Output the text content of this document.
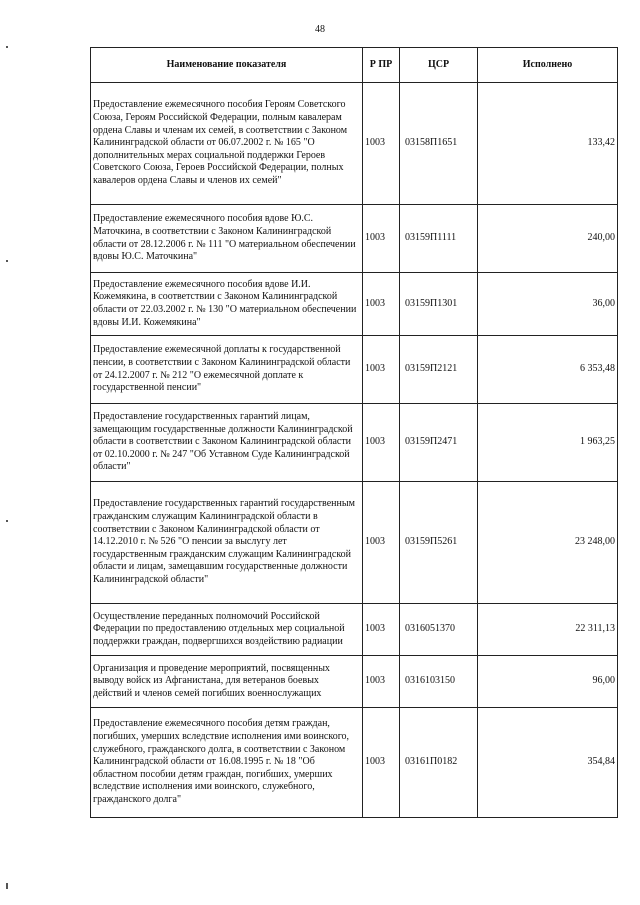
48
Наименование показателя	Р ПР	ЦСР	Исполнено
Предоставление ежемесячного пособия Героям Советского Союза, Героям Российской Федерации, полным кавалерам ордена Славы и членам их семей, в соответствии с Законом Калининградской области от 06.07.2002 г. № 165 "О дополнительных мерах социальной поддержки Героев Советского Союза, Героев Российской Федерации, полных кавалеров ордена Славы и членов их семей"	1003	03158П1651	133,42
Предоставление ежемесячного пособия вдове Ю.С. Маточкина, в соответствии с Законом Калининградской области от 28.12.2006 г. № 111 "О материальном обеспечении вдовы Ю.С. Маточкина"	1003	03159П1111	240,00
Предоставление ежемесячного пособия вдове И.И. Кожемякина, в соответствии с Законом Калининградской области от 22.03.2002 г. № 130 "О материальном обеспечении вдовы И.И. Кожемякина"	1003	03159П1301	36,00
Предоставление ежемесячной доплаты к государственной пенсии, в соответствии с Законом Калининградской области от 24.12.2007 г. № 212 "О ежемесячной доплате к государственной пенсии"	1003	03159П2121	6 353,48
Предоставление государственных гарантий лицам, замещающим государственные должности Калининградской области в соответствии с Законом Калининградской области от 02.10.2000 г. № 247 "Об Уставном Суде Калининградской области"	1003	03159П2471	1 963,25
Предоставление государственных гарантий государственным гражданским служащим Калининградской области в соответствии с Законом Калининградской области от 14.12.2010 г. № 526 "О пенсии за выслугу лет государственным гражданским служащим Калининградской области и лицам, замещавшим государственные должности Калининградской области"	1003	03159П5261	23 248,00
Осуществление переданных полномочий Российской Федерации по предоставлению отдельных мер социальной поддержки граждан, подвергшихся воздействию радиации	1003	0316051370	22 311,13
Организация и проведение мероприятий, посвященных выводу войск из Афганистана, для ветеранов боевых действий и членов семей погибших военнослужащих	1003	0316103150	96,00
Предоставление ежемесячного пособия детям граждан, погибших, умерших вследствие исполнения ими воинского, служебного, гражданского долга, в соответствии с Законом Калининградской области от 16.08.1995 г. № 18 "Об областном пособии детям граждан, погибших, умерших вследствие исполнения ими воинского, служебного, гражданского долга"	1003	03161П0182	354,84
